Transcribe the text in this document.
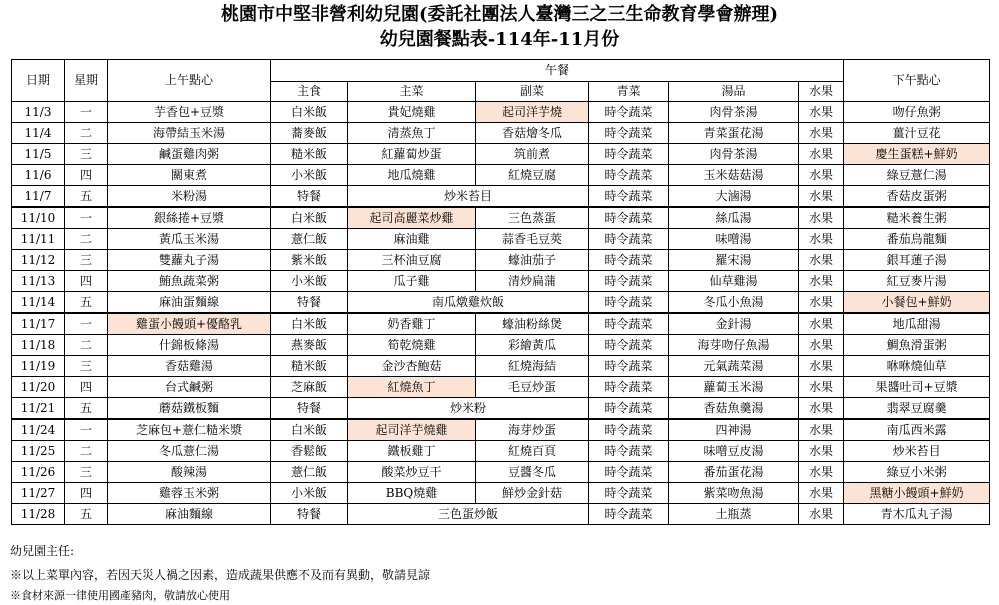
桃園市中堅非營利幼兒園(委託社團法人臺灣三之三生命教育學會辦理)
幼兒園餐點表-114年-11月份
日期	星期	上午點心	午餐						下午點心
			主食	主菜	副菜	青菜	湯品	水果	
11/3	一	芋香包+豆漿	白米飯	貴妃燒雞	起司洋芋燒	時令蔬菜	肉骨茶湯	水果	吻仔魚粥
11/4	二	海帶結玉米湯	蕎麥飯	清蒸魚丁	香菇燴冬瓜	時令蔬菜	青菜蛋花湯	水果	薑汁豆花
11/5	三	鹹蛋雞肉粥	糙米飯	紅蘿蔔炒蛋	筑前煮	時令蔬菜	肉骨茶湯	水果	慶生蛋糕+鮮奶
11/6	四	關東煮	小米飯	地瓜燒雞	紅燒豆腐	時令蔬菜	玉米菇菇湯	水果	綠豆薏仁湯
11/7	五	米粉湯	特餐	炒米苔目		時令蔬菜	大滷湯	水果	香菇皮蛋粥
11/10	一	銀絲捲+豆漿	白米飯	起司高麗菜炒雞	三色蒸蛋	時令蔬菜	絲瓜湯	水果	糙米養生粥
11/11	二	黃瓜玉米湯	薏仁飯	麻油雞	蒜香毛豆莢	時令蔬菜	味噌湯	水果	番茄烏龍麵
11/12	三	雙蘿丸子湯	紫米飯	三杯油豆腐	蠔油茄子	時令蔬菜	羅宋湯	水果	銀耳蓮子湯
11/13	四	鮪魚蔬菜粥	小米飯	瓜子雞	清炒扁蒲	時令蔬菜	仙草雞湯	水果	紅豆麥片湯
11/14	五	麻油蛋麵線	特餐	南瓜燉雞炊飯		時令蔬菜	冬瓜小魚湯	水果	小餐包+鮮奶
11/17	一	雞蛋小饅頭+優酪乳	白米飯	奶香雞丁	蠔油粉絲煲	時令蔬菜	金針湯	水果	地瓜甜湯
11/18	二	什錦板條湯	燕麥飯	筍乾燒雞	彩繪黃瓜	時令蔬菜	海芽吻仔魚湯	水果	鯛魚滑蛋粥
11/19	三	香菇雞湯	糙米飯	金沙杏鮑菇	紅燒海結	時令蔬菜	元氣蔬菜湯	水果	咻咻燒仙草
11/20	四	台式鹹粥	芝麻飯	紅燒魚丁	毛豆炒蛋	時令蔬菜	蘿蔔玉米湯	水果	果醬吐司+豆漿
11/21	五	蘑菇鐵板麵	特餐	炒米粉		時令蔬菜	香菇魚羹湯	水果	翡翠豆腐羹
11/24	一	芝麻包+薏仁糙米漿	白米飯	起司洋芋燒雞	海芽炒蛋	時令蔬菜	四神湯	水果	南瓜西米露
11/25	二	冬瓜薏仁湯	香鬆飯	鐵板雞丁	紅燒百頁	時令蔬菜	味噌豆皮湯	水果	炒米苔目
11/26	三	酸辣湯	薏仁飯	酸菜炒豆干	豆醬冬瓜	時令蔬菜	番茄蛋花湯	水果	綠豆小米粥
11/27	四	雞蓉玉米粥	小米飯	BBQ燒雞	鮮炒金針菇	時令蔬菜	紫菜吻魚湯	水果	黑糖小饅頭+鮮奶
11/28	五	麻油麵線	特餐	三色蛋炒飯		時令蔬菜	土瓶蒸	水果	青木瓜丸子湯
幼兒園主任:
※以上菜單內容，若因天災人禍之因素，造成蔬果供應不及而有異動，敬請見諒
※食材來源一律使用國產豬肉，敬請放心使用
